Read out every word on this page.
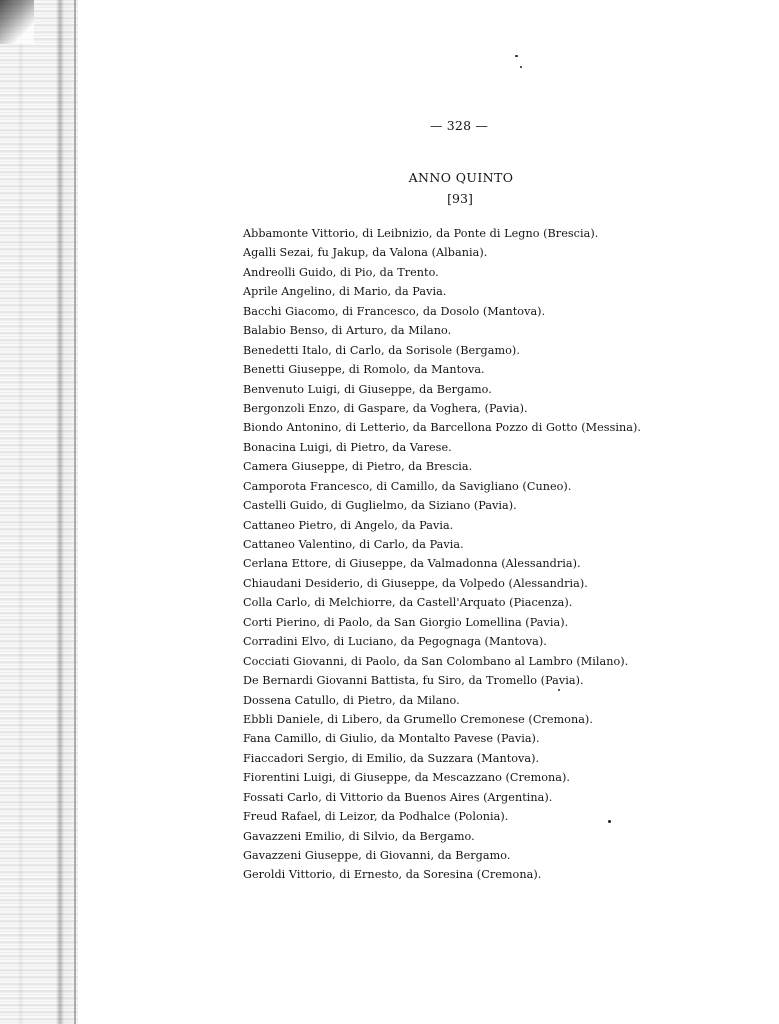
— 328 —
ANNO QUINTO
[93]
Abbamonte Vittorio, di Leibnizio, da Ponte di Legno (Brescia).
Agalli Sezai, fu Jakup, da Valona (Albania).
Andreolli Guido, di Pio, da Trento.
Aprile Angelino, di Mario, da Pavia.
Bacchi Giacomo, di Francesco, da Dosolo (Mantova).
Balabio Benso, di Arturo, da Milano.
Benedetti Italo, di Carlo, da Sorisole (Bergamo).
Benetti Giuseppe, di Romolo, da Mantova.
Benvenuto Luigi, di Giuseppe, da Bergamo.
Bergonzoli Enzo, di Gaspare, da Voghera, (Pavia).
Biondo Antonino, di Letterio, da Barcellona Pozzo di Gotto (Messina).
Bonacina Luigi, di Pietro, da Varese.
Camera Giuseppe, di Pietro, da Brescia.
Camporota Francesco, di Camillo, da Savigliano (Cuneo).
Castelli Guido, di Guglielmo, da Siziano (Pavia).
Cattaneo Pietro, di Angelo, da Pavia.
Cattaneo Valentino, di Carlo, da Pavia.
Cerlana Ettore, di Giuseppe, da Valmadonna (Alessandria).
Chiaudani Desiderio, di Giuseppe, da Volpedo (Alessandria).
Colla Carlo, di Melchiorre, da Castell'Arquato (Piacenza).
Corti Pierino, di Paolo, da San Giorgio Lomellina (Pavia).
Corradini Elvo, di Luciano, da Pegognaga (Mantova).
Cocciati Giovanni, di Paolo, da San Colombano al Lambro (Milano).
De Bernardi Giovanni Battista, fu Siro, da Tromello (Pavia).
Dossena Catullo, di Pietro, da Milano.
Ebbli Daniele, di Libero, da Grumello Cremonese (Cremona).
Fana Camillo, di Giulio, da Montalto Pavese (Pavia).
Fiaccadori Sergio, di Emilio, da Suzzara (Mantova).
Fiorentini Luigi, di Giuseppe, da Mescazzano (Cremona).
Fossati Carlo, di Vittorio da Buenos Aires (Argentina).
Freud Rafael, di Leizor, da Podhalce (Polonia).
Gavazzeni Emilio, di Silvio, da Bergamo.
Gavazzeni Giuseppe, di Giovanni, da Bergamo.
Geroldi Vittorio, di Ernesto, da Soresina (Cremona).
